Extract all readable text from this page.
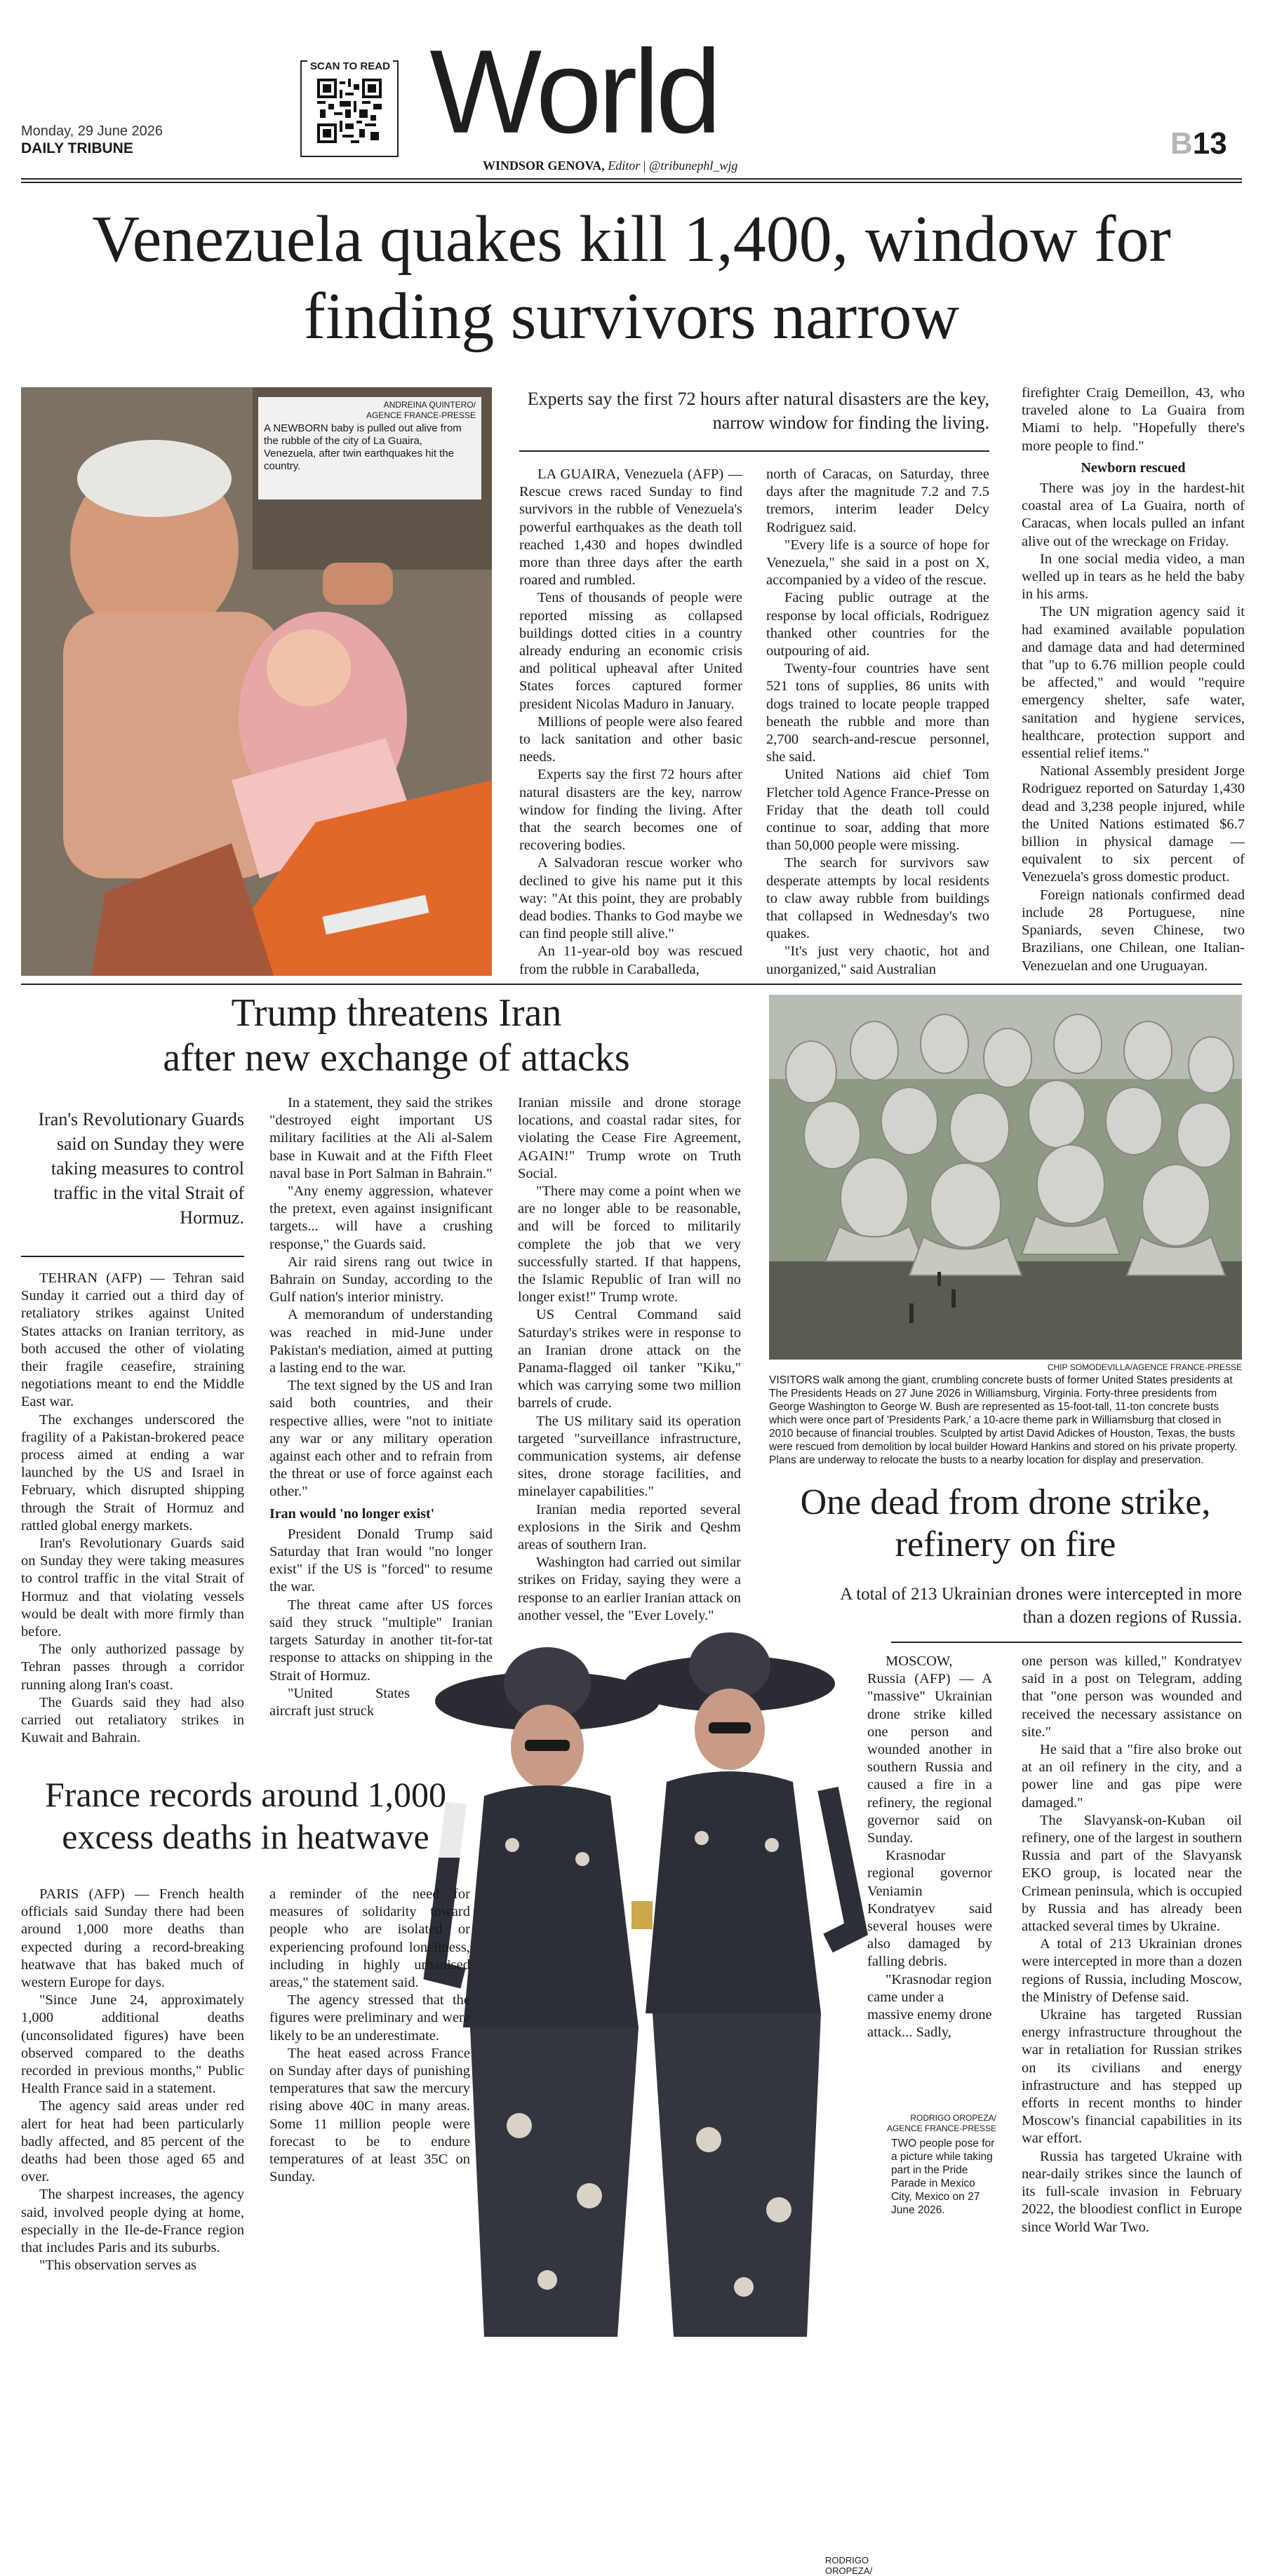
Monday, 29 June 2026
DAILY TRIBUNE
SCAN TO READ World
WINDSOR GENOVA, Editor | @tribunephl_wjg
B13
Venezuela quakes kill 1,400, window for finding survivors narrow
ANDREINA QUINTERO/
AGENCE FRANCE-PRESSE
A NEWBORN baby is pulled out alive from the rubble of the city of La Guaira, Venezuela, after twin earthquakes hit the country.
Experts say the first 72 hours after natural disasters are the key, narrow window for finding the living.

LA GUAIRA, Venezuela (AFP) — Rescue crews raced Sunday to find survivors in the rubble of Venezuela's powerful earthquakes as the death toll reached 1,430 and hopes dwindled more than three days after the earth roared and rumbled.

Tens of thousands of people were reported missing as collapsed buildings dotted cities in a country already enduring an economic crisis and political upheaval after United States forces captured former president Nicolas Maduro in January.

Millions of people were also feared to lack sanitation and other basic needs.

Experts say the first 72 hours after natural disasters are the key, narrow window for finding the living. After that the search becomes one of recovering bodies.

A Salvadoran rescue worker who declined to give his name put it this way: "At this point, they are probably dead bodies. Thanks to God maybe we can find people still alive."

An 11-year-old boy was rescued from the rubble in Caraballeda,

north of Caracas, on Saturday, three days after the magnitude 7.2 and 7.5 tremors, interim leader Delcy Rodriguez said.

"Every life is a source of hope for Venezuela," she said in a post on X, accompanied by a video of the rescue.

Facing public outrage at the response by local officials, Rodriguez thanked other countries for the outpouring of aid.

Twenty-four countries have sent 521 tons of supplies, 86 units with dogs trained to locate people trapped beneath the rubble and more than 2,700 search-and-rescue personnel, she said.

United Nations aid chief Tom Fletcher told Agence France-Presse on Friday that the death toll could continue to soar, adding that more than 50,000 people were missing.

The search for survivors saw desperate attempts by local residents to claw away rubble from buildings that collapsed in Wednesday's two quakes.

"It's just very chaotic, hot and unorganized," said Australian

firefighter Craig Demeillon, 43, who traveled alone to La Guaira from Miami to help. "Hopefully there's more people to find."

Newborn rescued

There was joy in the hardest-hit coastal area of La Guaira, north of Caracas, when locals pulled an infant alive out of the wreckage on Friday.

In one social media video, a man welled up in tears as he held the baby in his arms.

The UN migration agency said it had examined available population and damage data and had determined that "up to 6.76 million people could be affected," and would "require emergency shelter, safe water, sanitation and hygiene services, healthcare, protection support and essential relief items."

National Assembly president Jorge Rodriguez reported on Saturday 1,430 dead and 3,238 people injured, while the United Nations estimated $6.7 billion in physical damage — equivalent to six percent of Venezuela's gross domestic product.

Foreign nationals confirmed dead include 28 Portuguese, nine Spaniards, seven Chinese, two Brazilians, one Chilean, one Italian-Venezuelan and one Uruguayan.

Trump threatens Iran
after new exchange of attacks
Iran's Revolutionary Guards said on Sunday they were taking measures to control traffic in the vital Strait of Hormuz.

TEHRAN (AFP) — Tehran said Sunday it carried out a third day of retaliatory strikes against United States attacks on Iranian territory, as both accused the other of violating their fragile ceasefire, straining negotiations meant to end the Middle East war.

The exchanges underscored the fragility of a Pakistan-brokered peace process aimed at ending a war launched by the US and Israel in February, which disrupted shipping through the Strait of Hormuz and rattled global energy markets.

Iran's Revolutionary Guards said on Sunday they were taking measures to control traffic in the vital Strait of Hormuz and that violating vessels would be dealt with more firmly than before.

The only authorized passage by Tehran passes through a corridor running along Iran's coast.

The Guards said they had also carried out retaliatory strikes in Kuwait and Bahrain.

In a statement, they said the strikes "destroyed eight important US military facilities at the Ali al-Salem base in Kuwait and at the Fifth Fleet naval base in Port Salman in Bahrain."

"Any enemy aggression, whatever the pretext, even against insignificant targets... will have a crushing response," the Guards said.

Air raid sirens rang out twice in Bahrain on Sunday, according to the Gulf nation's interior ministry.

A memorandum of understanding was reached in mid-June under Pakistan's mediation, aimed at putting a lasting end to the war.

The text signed by the US and Iran said both countries, and their respective allies, were "not to initiate any war or any military operation against each other and to refrain from the threat or use of force against each other."

Iran would 'no longer exist'

President Donald Trump said Saturday that Iran would "no longer exist" if the US is "forced" to resume the war.

The threat came after US forces said they struck "multiple" Iranian targets Saturday in another tit-for-tat response to attacks on shipping in the Strait of Hormuz.

"United States aircraft just struck

Iranian missile and drone storage locations, and coastal radar sites, for violating the Cease Fire Agreement, AGAIN!" Trump wrote on Truth Social.

"There may come a point when we are no longer able to be reasonable, and will be forced to militarily complete the job that we very successfully started. If that happens, the Islamic Republic of Iran will no longer exist!" Trump wrote.

US Central Command said Saturday's strikes were in response to an Iranian drone attack on the Panama-flagged oil tanker "Kiku," which was carrying some two million barrels of crude.

The US military said its operation targeted "surveillance infrastructure, communication systems, air defense sites, drone storage facilities, and minelayer capabilities."

Iranian media reported several explosions in the Sirik and Qeshm areas of southern Iran.

Washington had carried out similar strikes on Friday, saying they were a response to an earlier Iranian attack on another vessel, the "Ever Lovely."

CHIP SOMODEVILLA/AGENCE FRANCE-PRESSE
VISITORS walk among the giant, crumbling concrete busts of former United States presidents at The Presidents Heads on 27 June 2026 in Williamsburg, Virginia. Forty-three presidents from George Washington to George W. Bush are represented as 15-foot-tall, 11-ton concrete busts which were once part of 'Presidents Park,' a 10-acre theme park in Williamsburg that closed in 2010 because of financial troubles. Sculpted by artist David Adickes of Houston, Texas, the busts were rescued from demolition by local builder Howard Hankins and stored on his private property. Plans are underway to relocate the busts to a nearby location for display and preservation.
One dead from drone strike,
refinery on fire
A total of 213 Ukrainian drones were intercepted in more than a dozen regions of Russia.

MOSCOW, Russia (AFP) — A "massive" Ukrainian drone strike killed one person and wounded another in southern Russia and caused a fire in a refinery, the regional governor said on Sunday.

Krasnodar regional governor Veniamin Kondratyev said several houses were also damaged by falling debris.

"Krasnodar region came under a massive enemy drone attack... Sadly,

one person was killed," Kondratyev said in a post on Telegram, adding that "one person was wounded and received the necessary assistance on site."

He said that a "fire also broke out at an oil refinery in the city, and a power line and gas pipe were damaged."

The Slavyansk-on-Kuban oil refinery, one of the largest in southern Russia and part of the Slavyansk EKO group, is located near the Crimean peninsula, which is occupied by Russia and has already been attacked several times by Ukraine.

A total of 213 Ukrainian drones were intercepted in more than a dozen regions of Russia, including Moscow, the Ministry of Defense said.

Ukraine has targeted Russian energy infrastructure throughout the war in retaliation for Russian strikes on its civilians and energy infrastructure and has stepped up efforts in recent months to hinder Moscow's financial capabilities in its war effort.

Russia has targeted Ukraine with near-daily strikes since the launch of its full-scale invasion in February 2022, the bloodiest conflict in Europe since World War Two.

RODRIGO OROPEZA/
RODRIGO OROPEZA/
AGENCE FRANCE-PRESSE
TWO people pose for a picture while taking part in the Pride Parade in Mexico City, Mexico on 27 June 2026.
France records around 1,000
excess deaths in heatwave

PARIS (AFP) — French health officials said Sunday there had been around 1,000 more deaths than expected during a record-breaking heatwave that has baked much of western Europe for days.

"Since June 24, approximately 1,000 additional deaths (unconsolidated figures) have been observed compared to the deaths recorded in previous months," Public Health France said in a statement.

The agency said areas under red alert for heat had been particularly badly affected, and 85 percent of the deaths had been those aged 65 and over.

The sharpest increases, the agency said, involved people dying at home, especially in the Ile-de-France region that includes Paris and its suburbs.

"This observation serves as

a reminder of the need for measures of solidarity toward people who are isolated or experiencing profound loneliness, including in highly urbanised areas," the statement said.

The agency stressed that the figures were preliminary and were likely to be an underestimate.

The heat eased across France on Sunday after days of punishing temperatures that saw the mercury rising above 40C in many areas. Some 11 million people were forecast to be to endure temperatures of at least 35C on Sunday.
